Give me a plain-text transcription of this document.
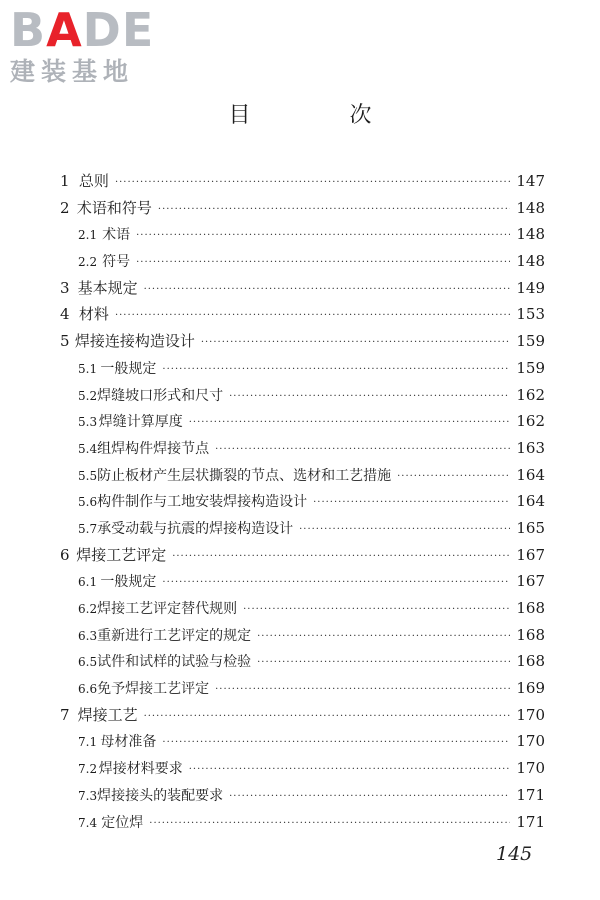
BADE
建装基地
目 次
1 总则 ·····	147
2 术语和符号 ·····	148
2.1 术语 ·····	148
2.2 符号 ·····	148
3 基本规定 ·····	149
4 材料 ·····	153
5 焊接连接构造设计 ·····	159
5.1 一般规定 ·····	159
5.2 焊缝坡口形式和尺寸 ·····	162
5.3 焊缝计算厚度 ·····	162
5.4 组焊构件焊接节点 ·····	163
5.5 防止板材产生层状撕裂的节点、选材和工艺措施 ·····	164
5.6 构件制作与工地安装焊接构造设计 ·····	164
5.7 承受动载与抗震的焊接构造设计 ·····	165
6 焊接工艺评定 ·····	167
6.1 一般规定 ·····	167
6.2 焊接工艺评定替代规则 ·····	168
6.3 重新进行工艺评定的规定 ·····	168
6.5 试件和试样的试验与检验 ·····	168
6.6 免予焊接工艺评定 ·····	169
7 焊接工艺 ·····	170
7.1 母材准备 ·····	170
7.2 焊接材料要求 ·····	170
7.3 焊接接头的装配要求 ·····	171
7.4 定位焊 ·····	171
145
